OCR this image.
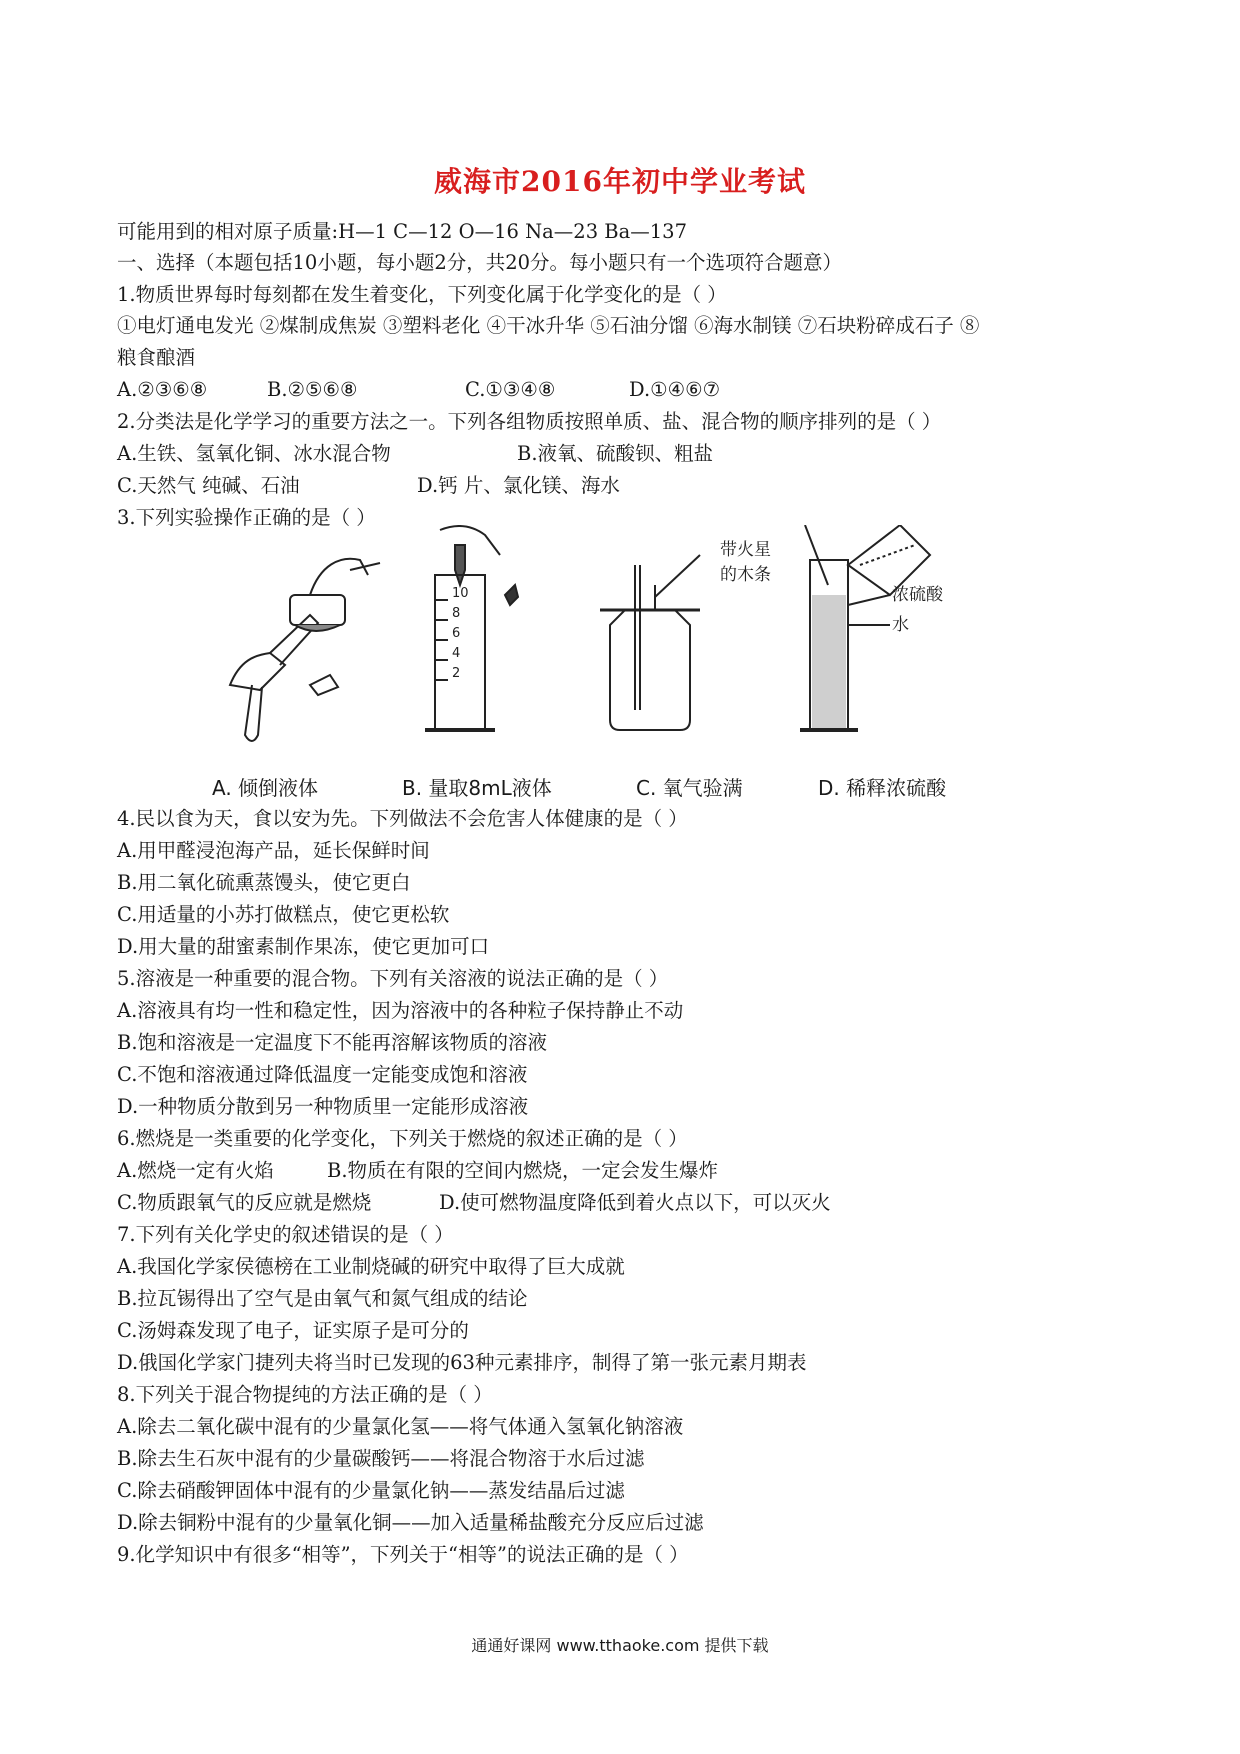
威海市2016年初中学业考试
可能用到的相对原子质量:H—1 C—12 O—16 Na—23 Ba—137
一、选择（本题包括10小题，每小题2分，共20分。每小题只有一个选项符合题意）
1.物质世界每时每刻都在发生着变化，下列变化属于化学变化的是（ ）
①电灯通电发光 ②煤制成焦炭 ③塑料老化 ④干冰升华 ⑤石油分馏 ⑥海水制镁 ⑦石块粉碎成石子 ⑧
粮食酿酒
A.②③⑥⑧	B.②⑤⑥⑧	C.①③④⑧	D.①④⑥⑦
2.分类法是化学学习的重要方法之一。下列各组物质按照单质、盐、混合物的顺序排列的是（ ）
A.生铁、氢氧化铜、冰水混合物	B.液氧、硫酸钡、粗盐
C.天然气 纯碱、石油	D.钙 片、氯化镁、海水
3.下列实验操作正确的是（ ）
10
8
6
4
2
带火星
的木条
浓硫酸
水
A. 倾倒液体	B. 量取8mL液体	C. 氧气验满	D. 稀释浓硫酸
4.民以食为天，食以安为先。下列做法不会危害人体健康的是（ ）
A.用甲醛浸泡海产品，延长保鲜时间
B.用二氧化硫熏蒸馒头，使它更白
C.用适量的小苏打做糕点，使它更松软
D.用大量的甜蜜素制作果冻，使它更加可口
5.溶液是一种重要的混合物。下列有关溶液的说法正确的是（ ）
A.溶液具有均一性和稳定性，因为溶液中的各种粒子保持静止不动
B.饱和溶液是一定温度下不能再溶解该物质的溶液
C.不饱和溶液通过降低温度一定能变成饱和溶液
D.一种物质分散到另一种物质里一定能形成溶液
6.燃烧是一类重要的化学变化，下列关于燃烧的叙述正确的是（ ）
A.燃烧一定有火焰	B.物质在有限的空间内燃烧，一定会发生爆炸
C.物质跟氧气的反应就是燃烧	D.使可燃物温度降低到着火点以下，可以灭火
7.下列有关化学史的叙述错误的是（ ）
A.我国化学家侯德榜在工业制烧碱的研究中取得了巨大成就
B.拉瓦锡得出了空气是由氧气和氮气组成的结论
C.汤姆森发现了电子，证实原子是可分的
D.俄国化学家门捷列夫将当时已发现的63种元素排序，制得了第一张元素月期表
8.下列关于混合物提纯的方法正确的是（ ）
A.除去二氧化碳中混有的少量氯化氢——将气体通入氢氧化钠溶液
B.除去生石灰中混有的少量碳酸钙——将混合物溶于水后过滤
C.除去硝酸钾固体中混有的少量氯化钠——蒸发结晶后过滤
D.除去铜粉中混有的少量氧化铜——加入适量稀盐酸充分反应后过滤
9.化学知识中有很多“相等”，下列关于“相等”的说法正确的是（ ）
通通好课网 www.tthaoke.com 提供下载
